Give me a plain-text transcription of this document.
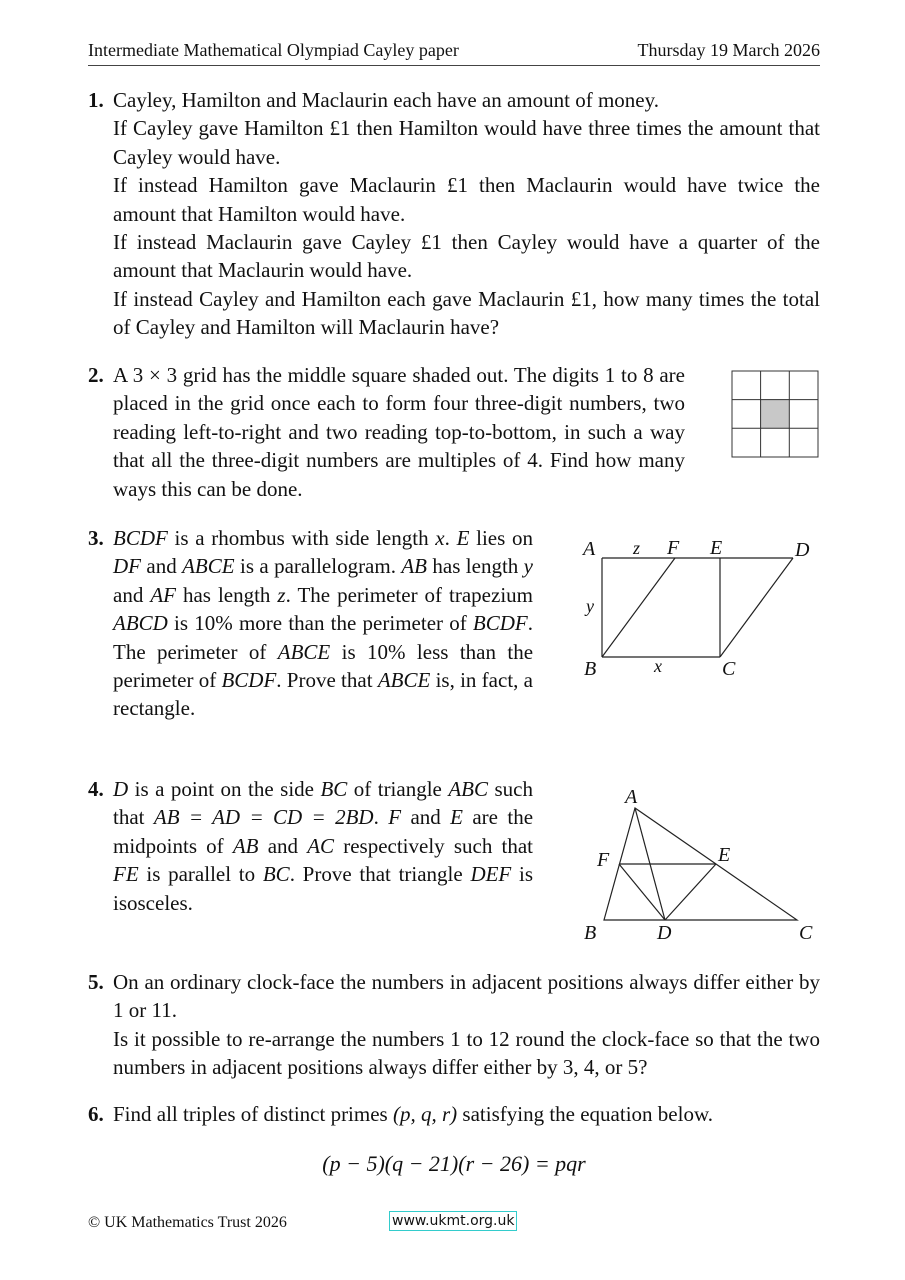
Intermediate Mathematical Olympiad Cayley paper	Thursday 19 March 2026
1. Cayley, Hamilton and Maclaurin each have an amount of money.
If Cayley gave Hamilton £1 then Hamilton would have three times the amount that Cayley would have.
If instead Hamilton gave Maclaurin £1 then Maclaurin would have twice the amount that Hamilton would have.
If instead Maclaurin gave Cayley £1 then Cayley would have a quarter of the amount that Maclaurin would have.
If instead Cayley and Hamilton each gave Maclaurin £1, how many times the total of Cayley and Hamilton will Maclaurin have?
2. A 3 × 3 grid has the middle square shaded out. The digits 1 to 8 are placed in the grid once each to form four three-digit numbers, two reading left-to-right and two reading top-to-bottom, in such a way that all the three-digit numbers are multiples of 4. Find how many ways this can be done.
3. BCDF is a rhombus with side length x. E lies on DF and ABCE is a parallelogram. AB has length y and AF has length z. The perimeter of trapezium ABCD is 10% more than the perimeter of BCDF. The perimeter of ABCE is 10% less than the perimeter of BCDF. Prove that ABCE is, in fact, a rectangle.
A z F E	D
y
B	x	C
4. D is a point on the side BC of triangle ABC such that AB = AD = CD = 2BD. F and E are the midpoints of AB and AC respectively such that FE is parallel to BC. Prove that triangle DEF is isosceles.
A
F	E
B	D	C
5. On an ordinary clock-face the numbers in adjacent positions always differ either by 1 or 11.
Is it possible to re-arrange the numbers 1 to 12 round the clock-face so that the two numbers in adjacent positions always differ either by 3, 4, or 5?
6. Find all triples of distinct primes (p, q, r) satisfying the equation below.
(p − 5)(q − 21)(r − 26) = pqr
© UK Mathematics Trust 2026	www.ukmt.org.uk
